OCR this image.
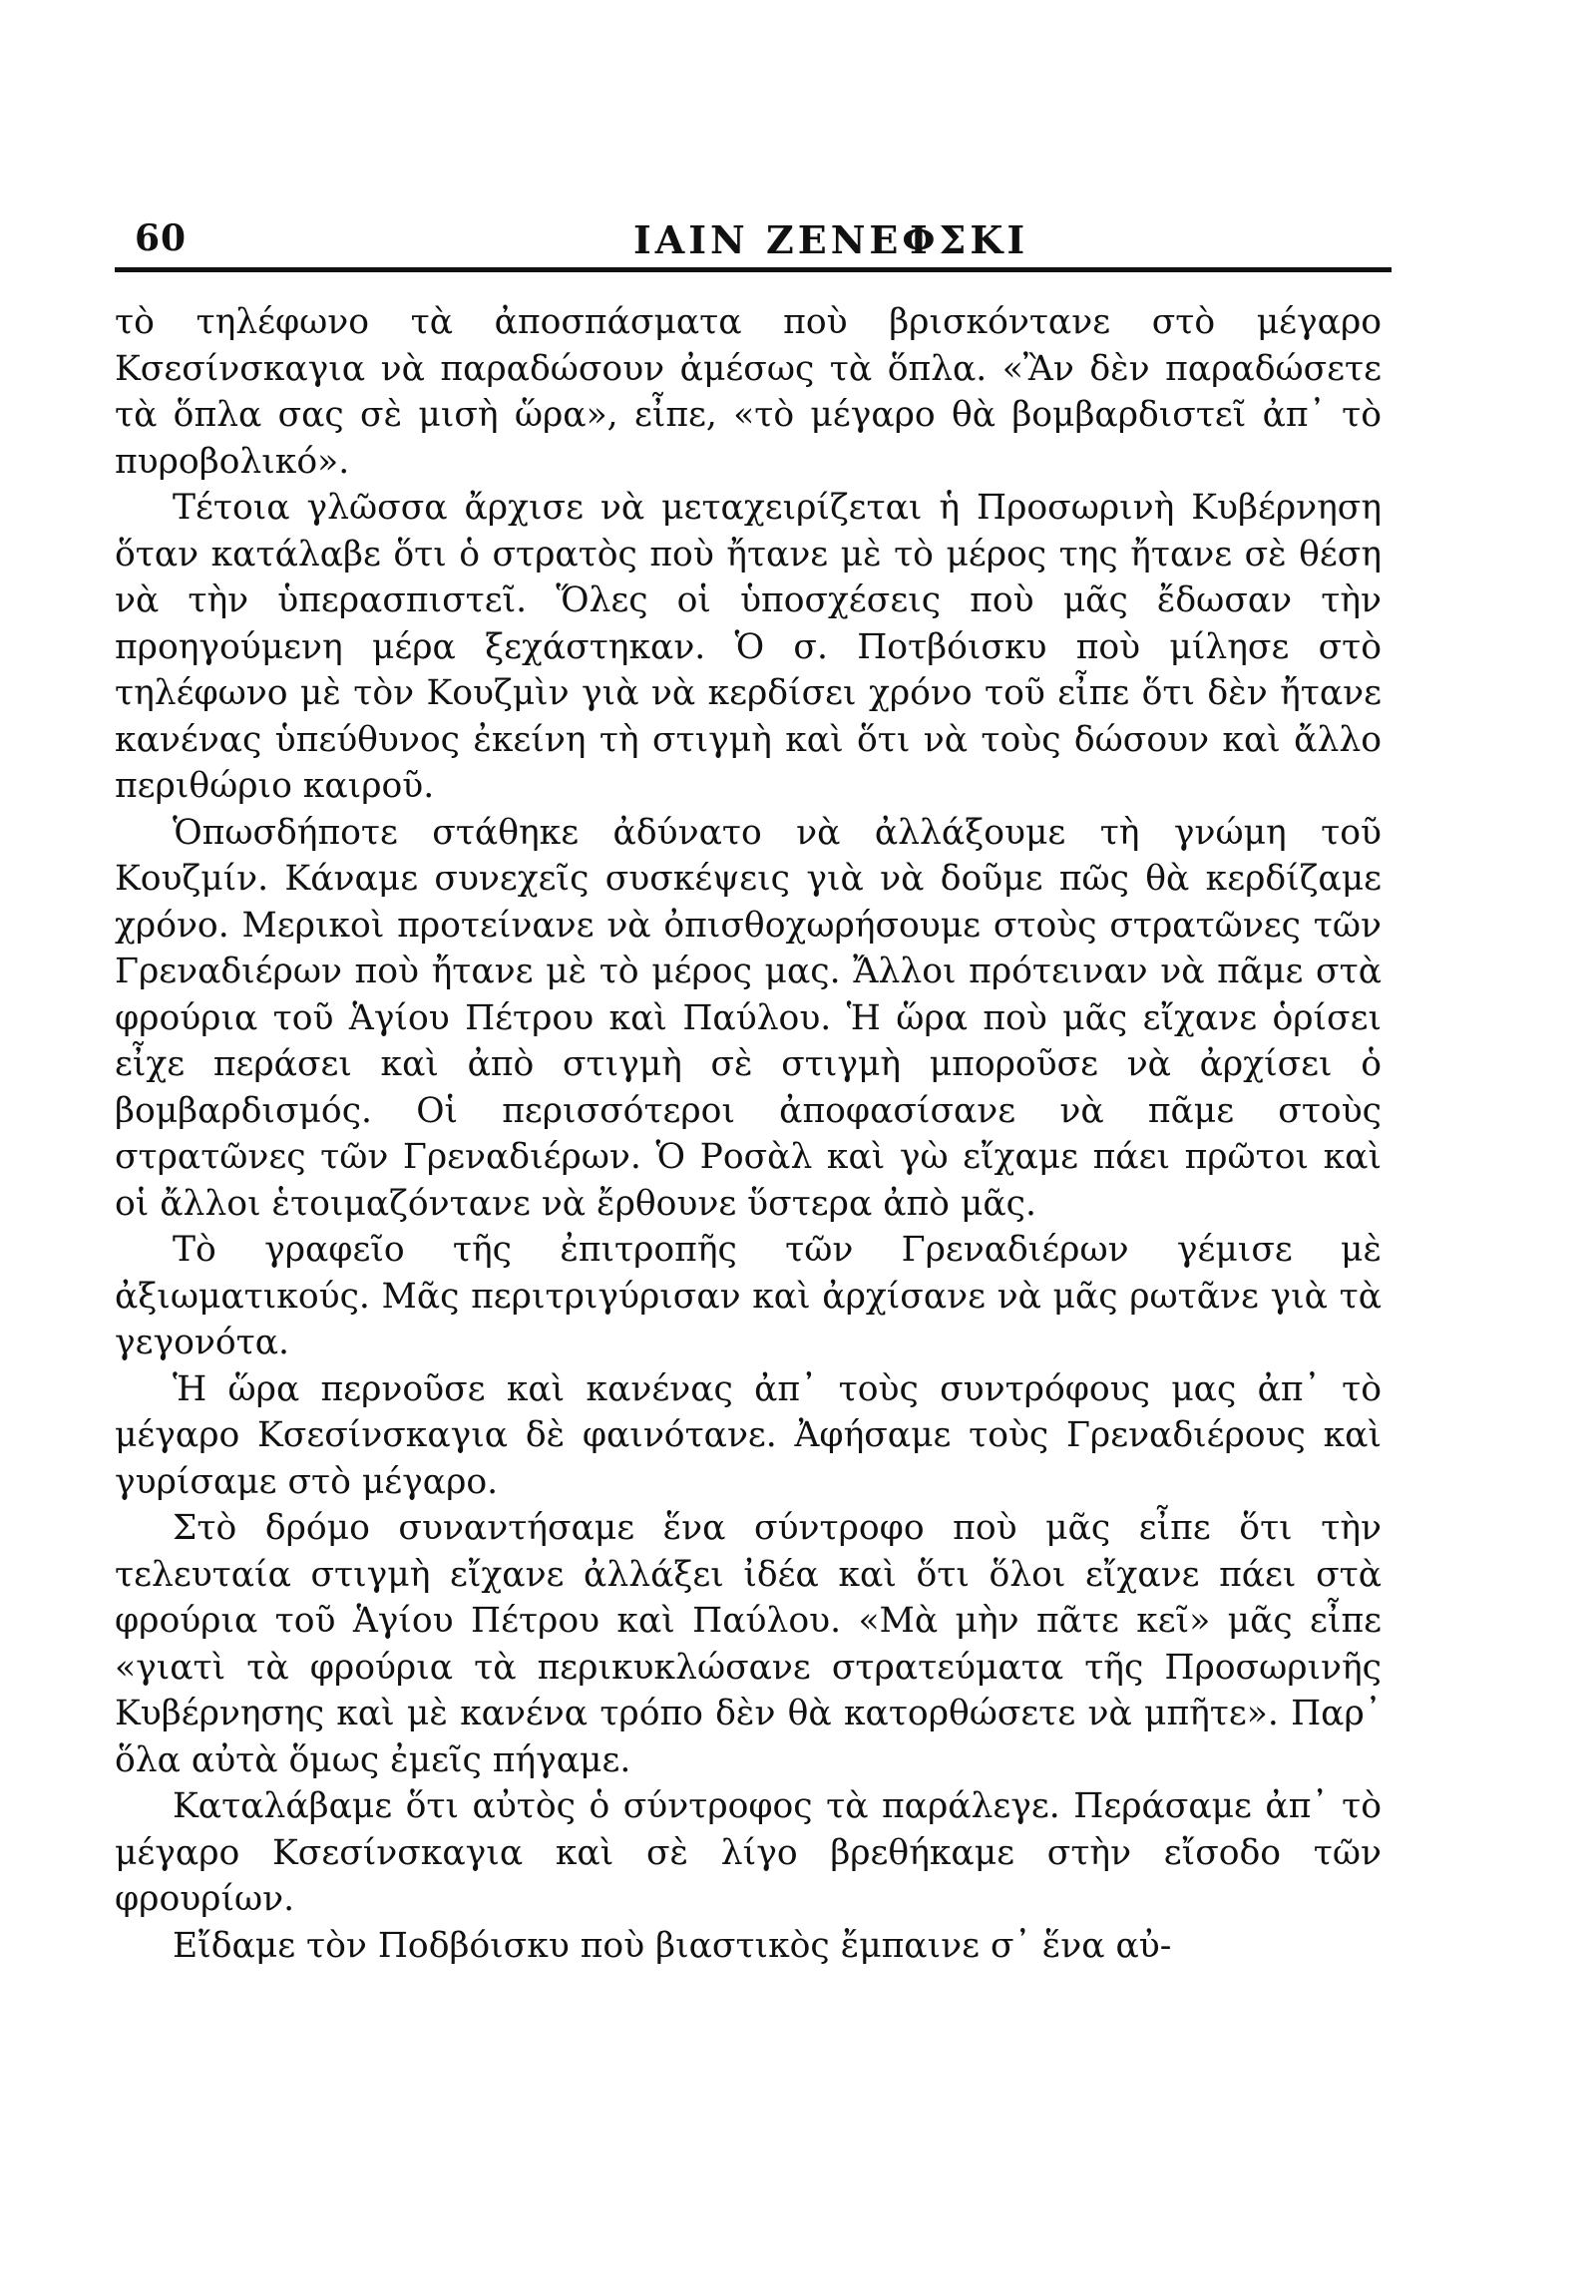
60	ΙΑΙΝ ΖΕΝΕΦΣΚΙ

τὸ τηλέφωνο τὰ ἀποσπάσματα ποὺ βρισκόντανε στὸ μέγαρο Κσεσίνσκαγια νὰ παραδώσουν ἀμέσως τὰ ὅπλα. «Ἂν δὲν παραδώσετε τὰ ὅπλα σας σὲ μισὴ ὥρα», εἶπε, «τὸ μέγαρο θὰ βομβαρδιστεῖ ἀπ᾿ τὸ πυροβολικό».

Τέτοια γλῶσσα ἄρχισε νὰ μεταχειρίζεται ἡ Προσωρινὴ Κυβέρνηση ὅταν κατάλαβε ὅτι ὁ στρατὸς ποὺ ἤτανε μὲ τὸ μέρος της ἤτανε σὲ θέση νὰ τὴν ὑπερασπιστεῖ. Ὅλες οἱ ὑποσχέσεις ποὺ μᾶς ἔδωσαν τὴν προηγούμενη μέρα ξεχάστηκαν. Ὁ σ. Ποτβόισκυ ποὺ μίλησε στὸ τηλέφωνο μὲ τὸν Κουζμὶν γιὰ νὰ κερδίσει χρόνο τοῦ εἶπε ὅτι δὲν ἤτανε κανένας ὑπεύθυνος ἐκείνη τὴ στιγμὴ καὶ ὅτι νὰ τοὺς δώσουν καὶ ἄλλο περιθώριο καιροῦ.

Ὁπωσδήποτε στάθηκε ἀδύνατο νὰ ἀλλάξουμε τὴ γνώμη τοῦ Κουζμίν. Κάναμε συνεχεῖς συσκέψεις γιὰ νὰ δοῦμε πῶς θὰ κερδίζαμε χρόνο. Μερικοὶ προτείνανε νὰ ὀπισθοχωρήσουμε στοὺς στρατῶνες τῶν Γρεναδιέρων ποὺ ἤτανε μὲ τὸ μέρος μας. Ἄλλοι πρότειναν νὰ πᾶμε στὰ φρούρια τοῦ Ἁγίου Πέτρου καὶ Παύλου. Ἡ ὥρα ποὺ μᾶς εἴχανε ὁρίσει εἶχε περάσει καὶ ἀπὸ στιγμὴ σὲ στιγμὴ μποροῦσε νὰ ἀρχίσει ὁ βομβαρδισμός. Οἱ περισσότεροι ἀποφασίσανε νὰ πᾶμε στοὺς στρατῶνες τῶν Γρεναδιέρων. Ὁ Ροσὰλ καὶ γὼ εἴχαμε πάει πρῶτοι καὶ οἱ ἄλλοι ἑτοιμαζόντανε νὰ ἔρθουνε ὕστερα ἀπὸ μᾶς.

Τὸ γραφεῖο τῆς ἐπιτροπῆς τῶν Γρεναδιέρων γέμισε μὲ ἀξιωματικούς. Μᾶς περιτριγύρισαν καὶ ἀρχίσανε νὰ μᾶς ρωτᾶνε γιὰ τὰ γεγονότα.

Ἡ ὥρα περνοῦσε καὶ κανένας ἀπ᾿ τοὺς συντρόφους μας ἀπ᾿ τὸ μέγαρο Κσεσίνσκαγια δὲ φαινότανε. Ἀφήσαμε τοὺς Γρεναδιέρους καὶ γυρίσαμε στὸ μέγαρο.

Στὸ δρόμο συναντήσαμε ἕνα σύντροφο ποὺ μᾶς εἶπε ὅτι τὴν τελευταία στιγμὴ εἴχανε ἀλλάξει ἰδέα καὶ ὅτι ὅλοι εἴχανε πάει στὰ φρούρια τοῦ Ἁγίου Πέτρου καὶ Παύλου. «Μὰ μὴν πᾶτε κεῖ» μᾶς εἶπε «γιατὶ τὰ φρούρια τὰ περικυκλώσανε στρατεύματα τῆς Προσωρινῆς Κυβέρνησης καὶ μὲ κανένα τρόπο δὲν θὰ κατορθώσετε νὰ μπῆτε». Παρ᾿ ὅλα αὐτὰ ὅμως ἐμεῖς πήγαμε.

Καταλάβαμε ὅτι αὐτὸς ὁ σύντροφος τὰ παράλεγε. Περάσαμε ἀπ᾿ τὸ μέγαρο Κσεσίνσκαγια καὶ σὲ λίγο βρεθήκαμε στὴν εἴσοδο τῶν φρουρίων.

Εἴδαμε τὸν Ποδβόισκυ ποὺ βιαστικὸς ἔμπαινε σ᾿ ἕνα αὐ-
